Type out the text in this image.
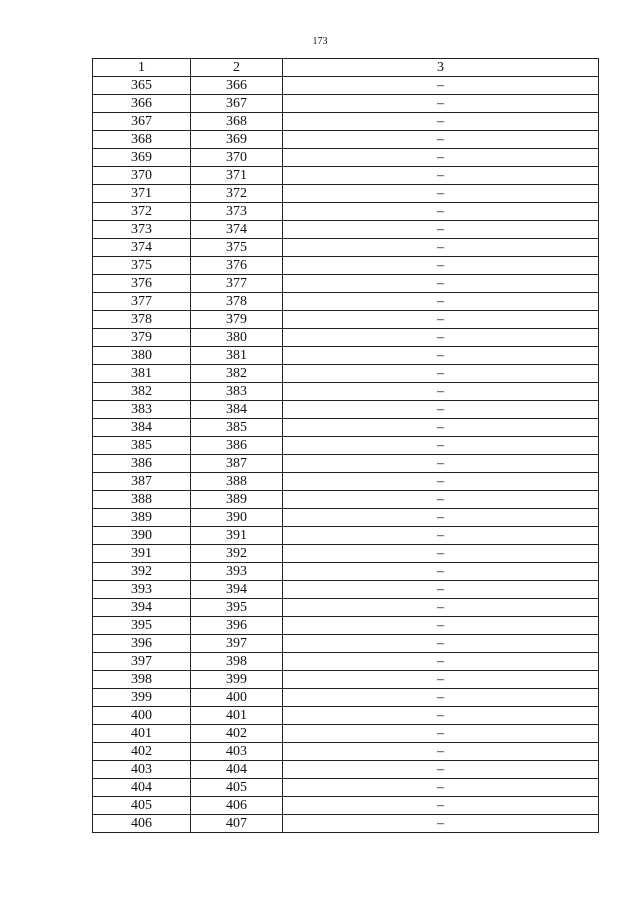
173
1	2	3
365	366	–
366	367	–
367	368	–
368	369	–
369	370	–
370	371	–
371	372	–
372	373	–
373	374	–
374	375	–
375	376	–
376	377	–
377	378	–
378	379	–
379	380	–
380	381	–
381	382	–
382	383	–
383	384	–
384	385	–
385	386	–
386	387	–
387	388	–
388	389	–
389	390	–
390	391	–
391	392	–
392	393	–
393	394	–
394	395	–
395	396	–
396	397	–
397	398	–
398	399	–
399	400	–
400	401	–
401	402	–
402	403	–
403	404	–
404	405	–
405	406	–
406	407	–
